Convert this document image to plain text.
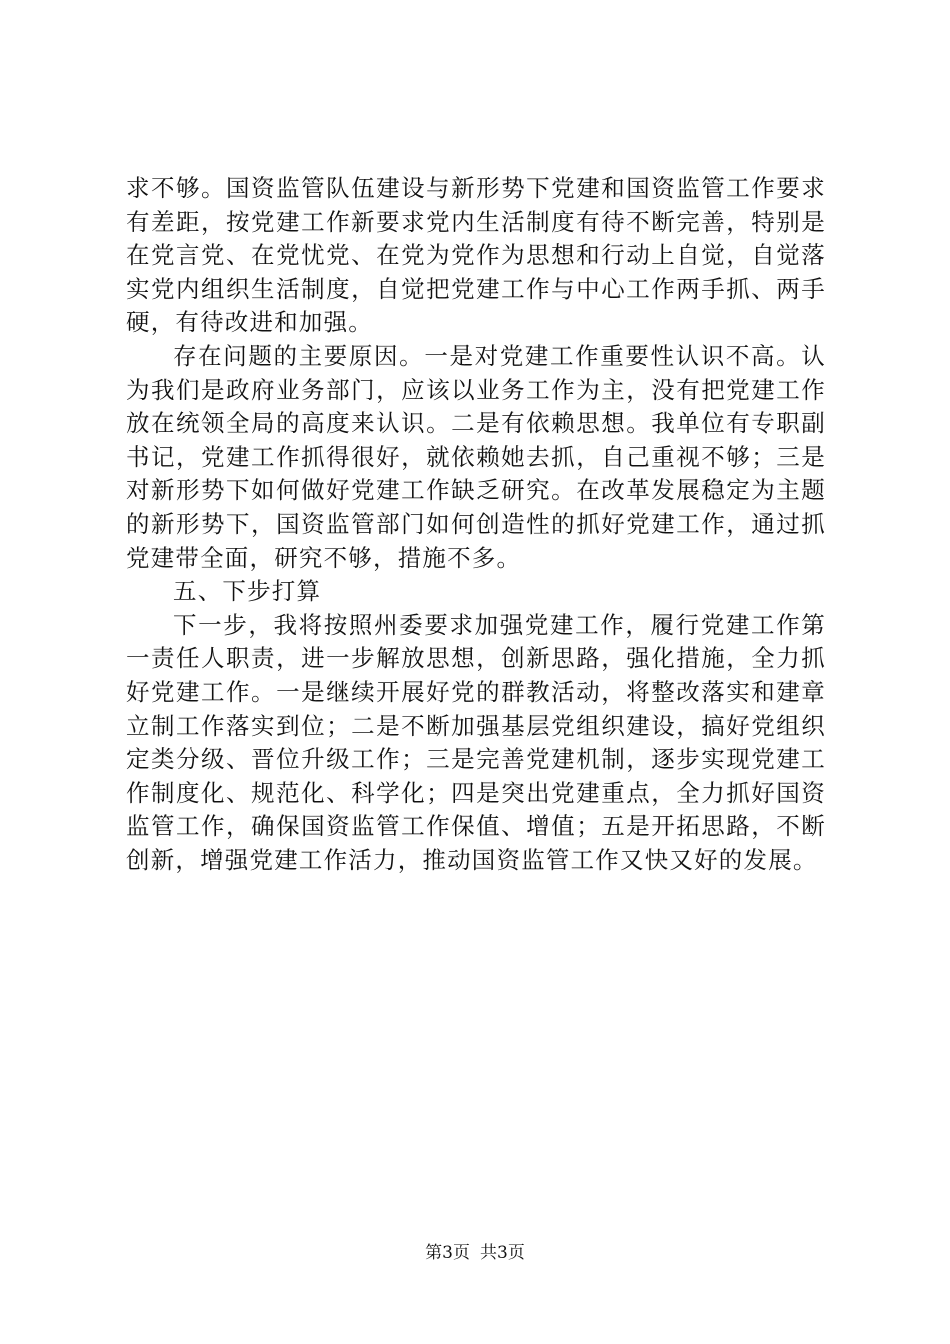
求不够。国资监管队伍建设与新形势下党建和国资监管工作要求有差距，按党建工作新要求党内生活制度有待不断完善，特别是在党言党、在党忧党、在党为党作为思想和行动上自觉，自觉落实党内组织生活制度，自觉把党建工作与中心工作两手抓、两手硬，有待改进和加强。

存在问题的主要原因。一是对党建工作重要性认识不高。认为我们是政府业务部门，应该以业务工作为主，没有把党建工作放在统领全局的高度来认识。二是有依赖思想。我单位有专职副书记，党建工作抓得很好，就依赖她去抓，自己重视不够；三是对新形势下如何做好党建工作缺乏研究。在改革发展稳定为主题的新形势下，国资监管部门如何创造性的抓好党建工作，通过抓党建带全面，研究不够，措施不多。

五、下步打算

下一步，我将按照州委要求加强党建工作，履行党建工作第一责任人职责，进一步解放思想，创新思路，强化措施，全力抓好党建工作。一是继续开展好党的群教活动，将整改落实和建章立制工作落实到位；二是不断加强基层党组织建设，搞好党组织定类分级、晋位升级工作；三是完善党建机制，逐步实现党建工作制度化、规范化、科学化；四是突出党建重点，全力抓好国资监管工作，确保国资监管工作保值、增值；五是开拓思路，不断创新，增强党建工作活力，推动国资监管工作又快又好的发展。

第3页 共3页
